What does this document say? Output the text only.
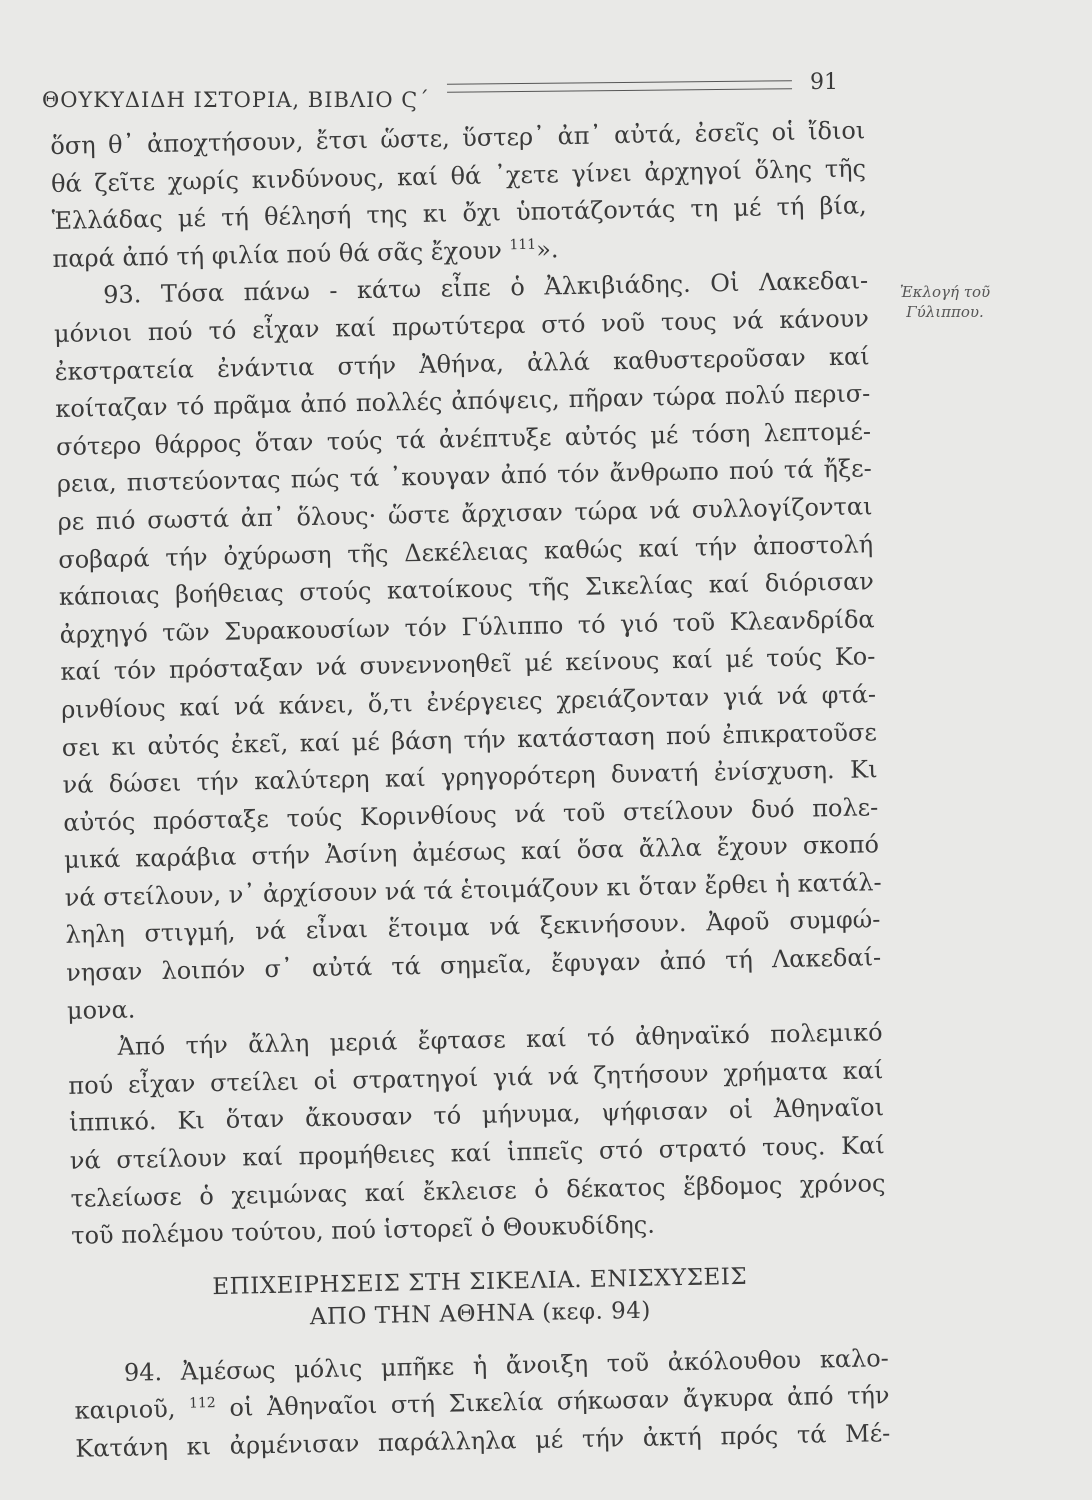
ΘΟΥΚΥΔΙΔΗ ΙΣΤΟΡΙΑ, ΒΙΒΛΙΟ Ϛ΄
91
Ἐκλογή τοῦ
Γύλιππου.
ὅση θ᾽ ἀποχτήσουν, ἔτσι ὥστε, ὕστερ᾽ ἀπ᾽ αὐτά, ἐσεῖς οἱ ἴδιοι
θά ζεῖτε χωρίς κινδύνους, καί θά ᾽χετε γίνει ἀρχηγοί ὅλης τῆς
Ἑλλάδας μέ τή θέλησή της κι ὄχι ὑποτάζοντάς τη μέ τή βία,
παρά ἀπό τή φιλία πού θά σᾶς ἔχουν $^{111}$».
93. Τόσα πάνω - κάτω εἶπε ὁ Ἀλκιβιάδης. Οἱ Λακεδαι-
μόνιοι πού τό εἶχαν καί πρωτύτερα στό νοῦ τους νά κάνουν
ἐκστρατεία ἐνάντια στήν Ἀθήνα, ἀλλά καθυστεροῦσαν καί
κοίταζαν τό πρᾶμα ἀπό πολλές ἀπόψεις, πῆραν τώρα πολύ περισ-
σότερο θάρρος ὅταν τούς τά ἀνέπτυξε αὐτός μέ τόση λεπτομέ-
ρεια, πιστεύοντας πώς τά ᾽κουγαν ἀπό τόν ἄνθρωπο πού τά ἤξε-
ρε πιό σωστά ἀπ᾽ ὅλους· ὥστε ἄρχισαν τώρα νά συλλογίζονται
σοβαρά τήν ὀχύρωση τῆς Δεκέλειας καθώς καί τήν ἀποστολή
κάποιας βοήθειας στούς κατοίκους τῆς Σικελίας καί διόρισαν
ἀρχηγό τῶν Συρακουσίων τόν Γύλιππο τό γιό τοῦ Κλεανδρίδα
καί τόν πρόσταξαν νά συνεννοηθεῖ μέ κείνους καί μέ τούς Κο-
ρινθίους καί νά κάνει, ὅ,τι ἐνέργειες χρειάζονταν γιά νά φτά-
σει κι αὐτός ἐκεῖ, καί μέ βάση τήν κατάσταση πού ἐπικρατοῦσε
νά δώσει τήν καλύτερη καί γρηγορότερη δυνατή ἐνίσχυση. Κι
αὐτός πρόσταξε τούς Κορινθίους νά τοῦ στείλουν δυό πολε-
μικά καράβια στήν Ἀσίνη ἀμέσως καί ὅσα ἄλλα ἔχουν σκοπό
νά στείλουν, ν᾽ ἀρχίσουν νά τά ἑτοιμάζουν κι ὅταν ἔρθει ἡ κατάλ-
ληλη στιγμή, νά εἶναι ἕτοιμα νά ξεκινήσουν. Ἀφοῦ συμφώ-
νησαν λοιπόν σ᾽ αὐτά τά σημεῖα, ἔφυγαν ἀπό τή Λακεδαί-
μονα.
Ἀπό τήν ἄλλη μεριά ἔφτασε καί τό ἀθηναϊκό πολεμικό
πού εἶχαν στείλει οἱ στρατηγοί γιά νά ζητήσουν χρήματα καί
ἱππικό. Κι ὅταν ἄκουσαν τό μήνυμα, ψήφισαν οἱ Ἀθηναῖοι
νά στείλουν καί προμήθειες καί ἱππεῖς στό στρατό τους. Καί
τελείωσε ὁ χειμώνας καί ἔκλεισε ὁ δέκατος ἕβδομος χρόνος
τοῦ πολέμου τούτου, πού ἱστορεῖ ὁ Θουκυδίδης.
ΕΠΙΧΕΙΡΗΣΕΙΣ ΣΤΗ ΣΙΚΕΛΙΑ. ΕΝΙΣΧΥΣΕΙΣ
ΑΠΟ ΤΗΝ ΑΘΗΝΑ (κεφ. 94)
94. Ἀμέσως μόλις μπῆκε ἡ ἄνοιξη τοῦ ἀκόλουθου καλο-
καιριοῦ, $^{112}$ οἱ Ἀθηναῖοι στή Σικελία σήκωσαν ἄγκυρα ἀπό τήν
Κατάνη κι ἀρμένισαν παράλληλα μέ τήν ἀκτή πρός τά Μέ-
